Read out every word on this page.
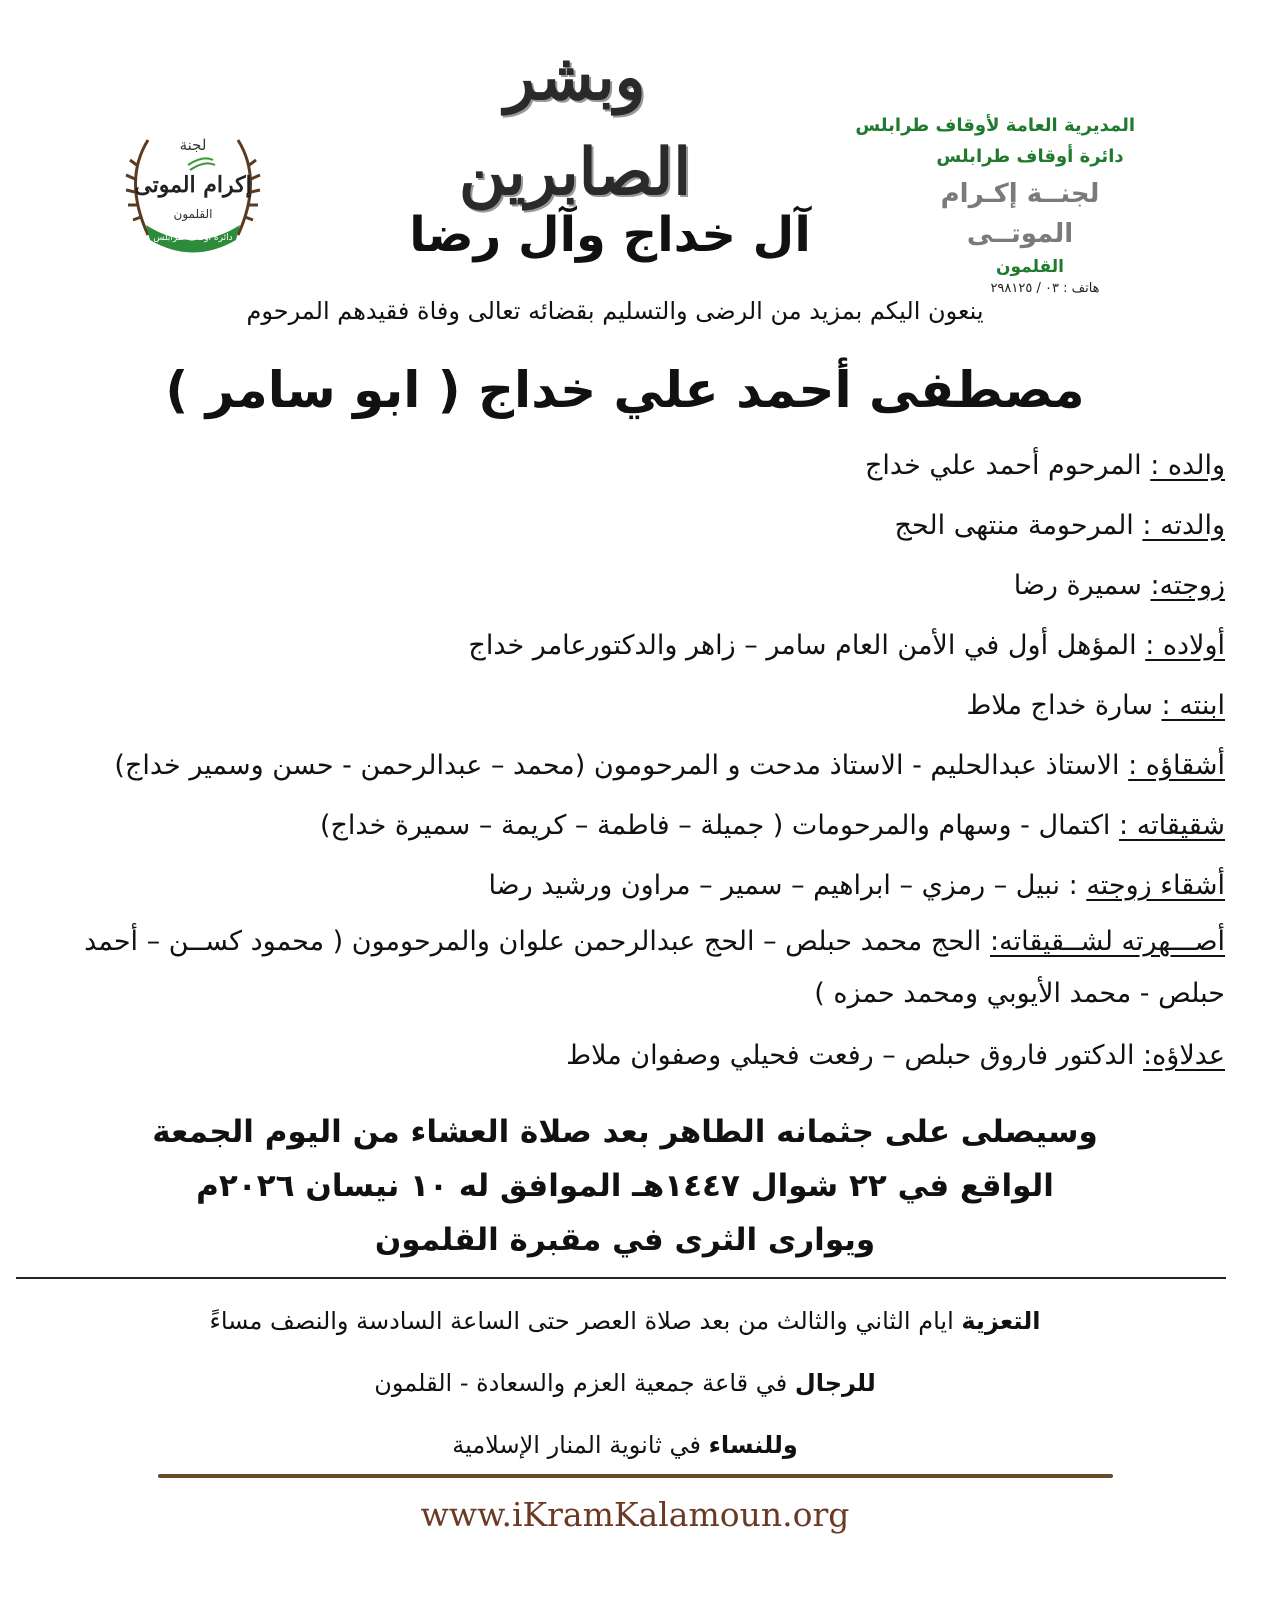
وبشر الصابرين
لجنة
إكرام الموتى
القلمون
دائرة أوقاف طرابلس
المديرية العامة لأوقاف طرابلس
دائرة أوقاف طرابلس
لجنــة إكـرام الموتــى
القلمون
هاتف : ٠٣ / ٢٩٨١٢٥
آل خداج وآل رضا
ينعون اليكم بمزيد من الرضى والتسليم بقضائه تعالى وفاة فقيدهم المرحوم
مصطفى أحمد علي خداج ( ابو سامر )
والده : المرحوم أحمد علي خداج
والدته : المرحومة منتهى الحج
زوجته: سميرة رضا
أولاده : المؤهل أول في الأمن العام سامر – زاهر والدكتورعامر خداج
ابنته : سارة خداج ملاط
أشقاؤه : الاستاذ عبدالحليم - الاستاذ مدحت و المرحومون (محمد – عبدالرحمن - حسن وسمير خداج)
شقيقاته : اكتمال - وسهام والمرحومات ( جميلة – فاطمة – كريمة – سميرة خداج)
أشقاء زوجته : نبيل – رمزي – ابراهيم – سمير – مراون ورشيد رضا
أصـــهرته لشــقيقاته: الحج محمد حبلص – الحج عبدالرحمن علوان والمرحومون ( محمود كســن – أحمد حبلص - محمد الأيوبي ومحمد حمزه )
عدلاؤه: الدكتور فاروق حبلص – رفعت فحيلي وصفوان ملاط
وسيصلى على جثمانه الطاهر بعد صلاة العشاء من اليوم الجمعة
الواقع في ٢٢ شوال ١٤٤٧هـ الموافق له ١٠ نيسان ٢٠٢٦م
ويوارى الثرى في مقبرة القلمون
التعزية ايام الثاني والثالث من بعد صلاة العصر حتى الساعة السادسة والنصف مساءً
للرجال في قاعة جمعية العزم والسعادة - القلمون
وللنساء في ثانوية المنار الإسلامية
www.iKramKalamoun.org
